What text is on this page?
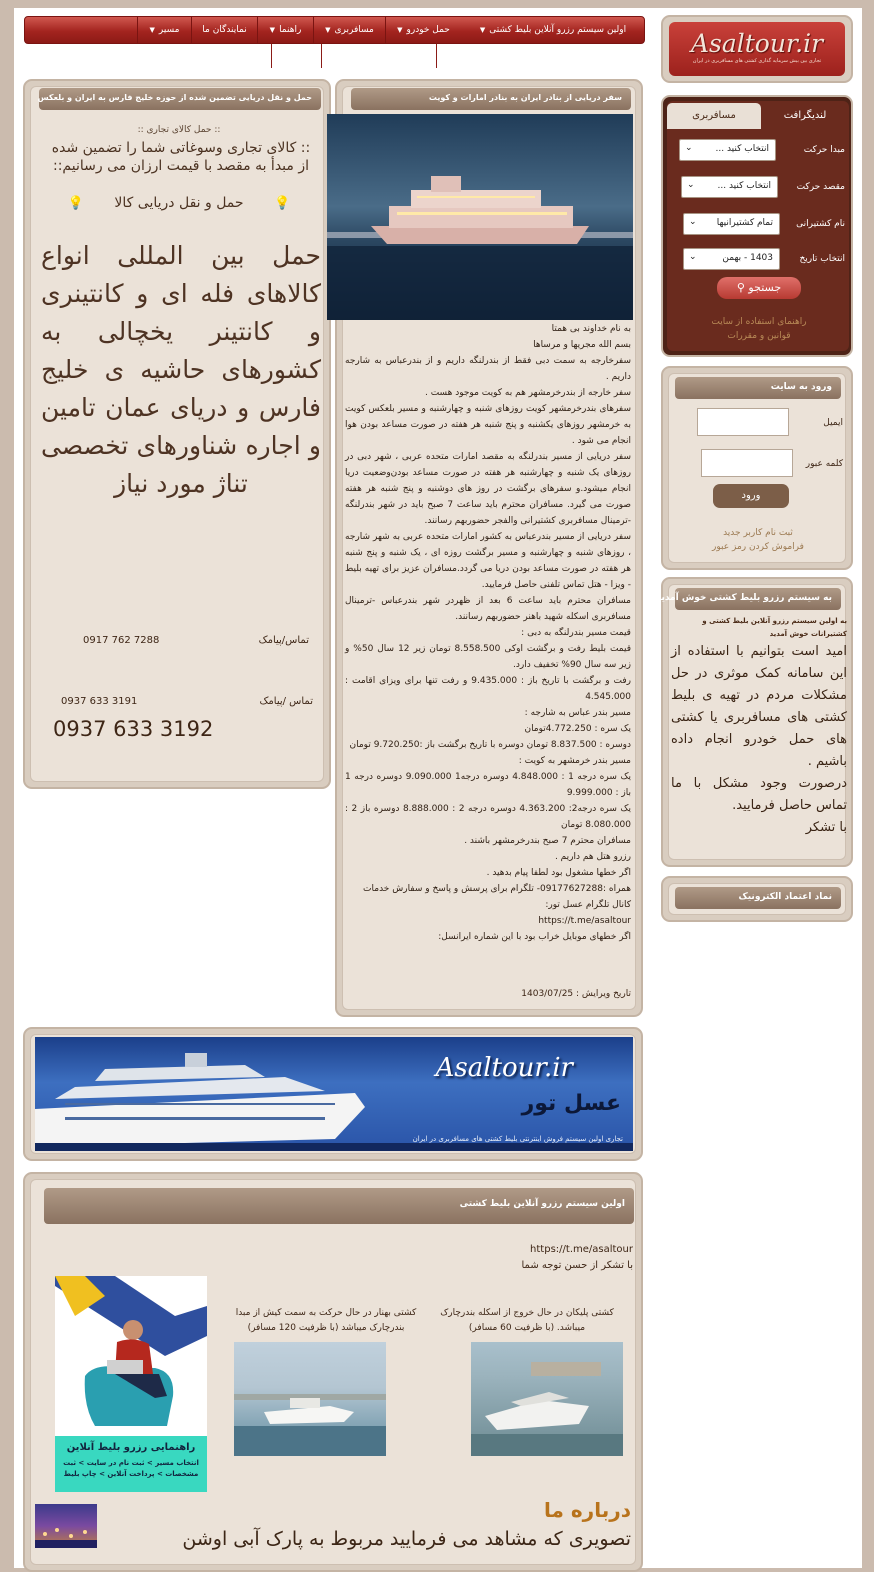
اولین سیستم رزرو آنلاین بلیط کشتی▼
حمل خودرو▼
مسافربری▼
راهنما▼
نمایندگان ما
مسیر▼	Asaltour.ir
تجاری بین بیش سرمایه گذاری کشتی های مسافربری در ایران
مسافربری	لندیگرافت
مبدا حرکت
انتخاب کنید ...
⌄
مقصد حرکت
انتخاب کنید ...
⌄
نام کشتیرانی
تمام کشتیرانیها
⌄
انتخاب تاریخ
1403 - بهمن
⌄
جستجو ⚲
راهنمای استفاده از سایت
قوانین و مقررات
ورود به سایت
ایمیل
کلمه عبور
ورود
ثبت نام کاربر جدید
فراموش کردن رمز عبور
به سیستم رزرو بلیط کشتی خوش آمدید
به اولین سیستم رزرو آنلاین بلیط کشتی و کشتیرانات خوش آمدید
امید است بتوانیم با استفاده از این سامانه کمک موثری در حل مشکلات مردم در تهیه ی بلیط کشتی های مسافربری یا کشتی های حمل خودرو انجام داده باشیم .
درصورت وجود مشکل با ما تماس حاصل فرمایید.
با تشکر
نماد اعتماد الکترونیک
حمل و نقل دریایی تضمین شده از حوزه خلیج فارس به ایران و بلعکس
:: حمل کالای تجاری ::
:: کالای تجاری وسوغاتی شما را تضمین شده از مبدأ به مقصد با قیمت ارزان می رسانیم::
💡 حمل و نقل دریایی کالا 💡
حمل بین المللی انواع کالاهای فله ای و کانتینری و کانتینر یخچالی به کشورهای حاشیه ی خلیج فارس و دریای عمان تامین و اجاره شناورهای تخصصی تناژ مورد نیاز
تماس/پیامک
0917 762 7288
تماس /پیامک
0937 633 3191
0937 633 3192
سفر دریایی از بنادر ایران به بنادر امارات و کویت
به نام خداوند بی همتا
بسم الله مجریها و مرساها
سفرخارجه به سمت دبی فقط از بندرلنگه داریم و از بندرعباس به شارجه داریم .
سفر خارجه از بندرخرمشهر هم به کویت موجود هست .
سفرهای بندرخرمشهر کویت روزهای شنبه و چهارشنبه و مسیر بلعکس کویت به خرمشهر روزهای یکشنبه و پنج شنبه هر هفته در صورت مساعد بودن هوا انجام می شود .
سفر دریایی از مسیر بندرلنگه به مقصد امارات متحده عربی ، شهر دبی در روزهای یک شنبه و چهارشنبه هر هفته در صورت مساعد بودن‌وضعیت دریا انجام میشود.و سفرهای برگشت در روز های دوشنبه و پنج شنبه هر هفته صورت می گیرد. مسافران محترم باید ساعت 7 صبح باید در شهر بندرلنگه -ترمینال مسافربری کشتیرانی والفجر حضوربهم رسانند.
سفر دریایی از مسیر بندرعباس به کشور امارات متحده عربی به شهر شارجه ، روزهای شنبه و چهارشنبه و مسیر برگشت روزه ای ، یک شنبه و پنج شنبه هر هفته در صورت مساعد بودن دریا می گردد.مسافران عزیز برای تهیه بلیط - ویزا - هتل تماس تلفنی حاصل فرمایید.
مسافران محترم باید ساعت 6 بعد از ظهردر شهر بندرعباس -ترمینال مسافربری اسکله شهید باهنر حضوربهم رسانند.
قیمت مسیر بندرلنگه به دبی :
قیمت بلیط رفت و برگشت اوکی 8.558.500 تومان زیر 12 سال 50% و زیر سه سال 90% تخفیف دارد.
رفت و برگشت با تاریخ باز : 9.435.000 و رفت تنها برای ویزای اقامت : 4.545.000
مسیر بندر عباس به شارجه :
یک سره : 4.772.250تومان
دوسره : 8.837.500 تومان دوسره با تاریخ برگشت باز :9.720.250 تومان
مسیر بندر خرمشهر به کویت :
یک سره درجه 1 : 4.848.000 دوسره درجه1 9.090.000 دوسره درجه 1 باز : 9.999.000
یک سره درجه2: 4.363.200 دوسره درجه 2 : 8.888.000 دوسره باز 2 : 8.080.000 تومان
مسافران محترم 7 صبح بندرخرمشهر باشند .
رزرو هتل هم داریم .
اگر خطها مشغول بود لطفا پیام بدهید .
همراه :09177627288- تلگرام برای پرسش و پاسخ و سفارش خدمات
کانال تلگرام عسل تور:
https://t.me/asaltour
اگر خطهای موبایل خراب بود با این شماره ایرانسل:
تاریخ ویرایش : 1403/07/25
Asaltour.ir
عسل تور
تجاری اولین سیستم فروش اینترنتی بلیط کشتی های مسافربری در ایران
اولین سیستم رزرو آنلاین بلیط کشتی
https://t.me/asaltour
با تشکر از حسن توجه شما
کشتی پلیکان در حال خروج از اسکله بندرچارک میباشد. (با ظرفیت 60 مسافر)
کشتی بهنار در حال حرکت به سمت کیش از مبدا بندرچارک میباشد (با ظرفیت 120 مسافر)
راهنمایی رزرو بلیط آنلاین
انتخاب مسیر > ثبت نام در سایت > ثبت مشخصات > پرداخت آنلاین > چاپ بلیط
درباره ما
تصویری که مشاهد می فرمایید مربوط به پارک آبی اوشن
